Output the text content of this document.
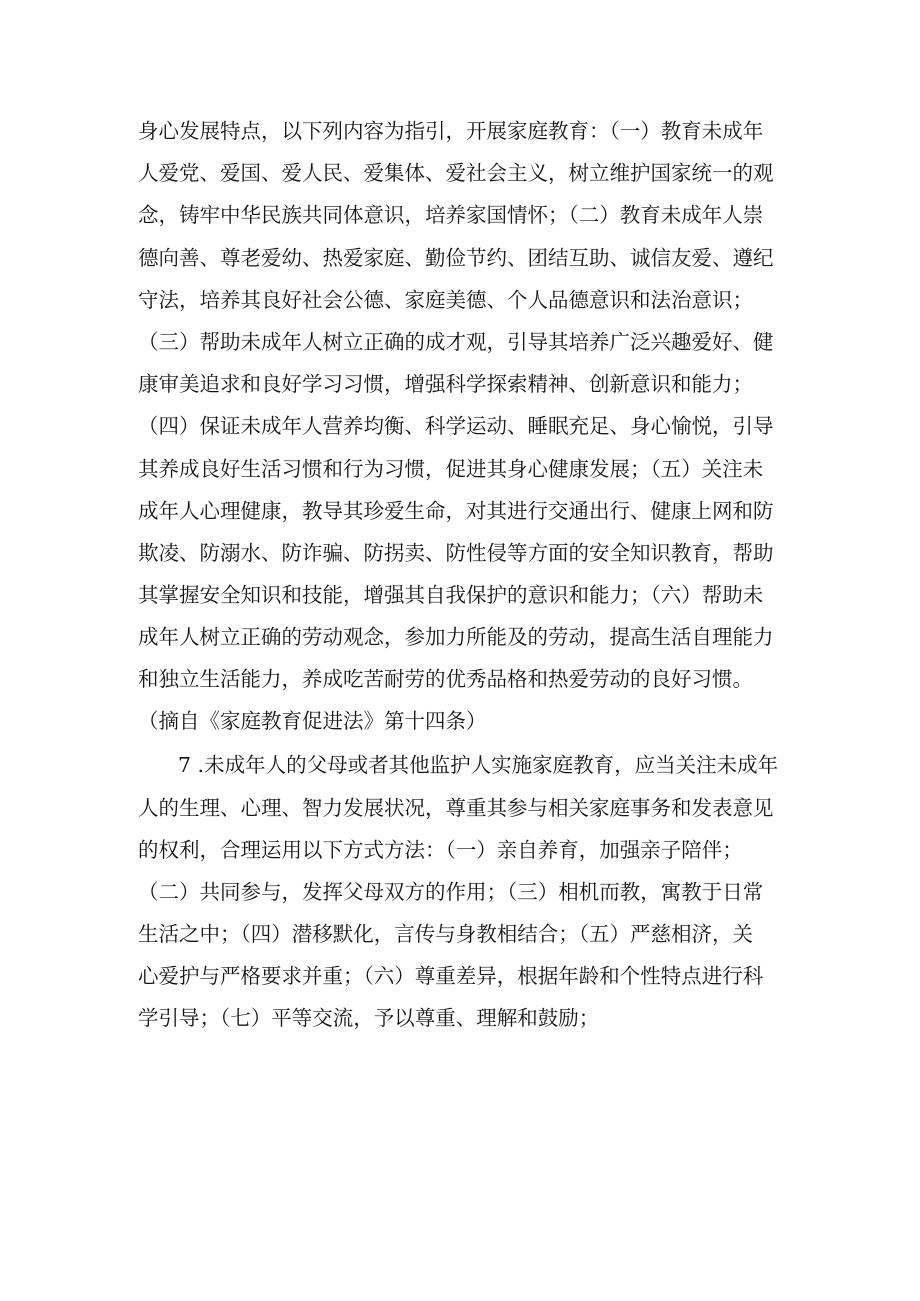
身心发展特点，以下列内容为指引，开展家庭教育：（一）教育未成年

人爱党、爱国、爱人民、爱集体、爱社会主义，树立维护国家统一的观

念，铸牢中华民族共同体意识，培养家国情怀；（二）教育未成年人崇

德向善、尊老爱幼、热爱家庭、勤俭节约、团结互助、诚信友爱、遵纪

守法，培养其良好社会公德、家庭美德、个人品德意识和法治意识；

（三）帮助未成年人树立正确的成才观，引导其培养广泛兴趣爱好、健

康审美追求和良好学习习惯，增强科学探索精神、创新意识和能力；

（四）保证未成年人营养均衡、科学运动、睡眠充足、身心愉悦，引导

其养成良好生活习惯和行为习惯，促进其身心健康发展；（五）关注未

成年人心理健康，教导其珍爱生命，对其进行交通出行、健康上网和防

欺凌、防溺水、防诈骗、防拐卖、防性侵等方面的安全知识教育，帮助

其掌握安全知识和技能，增强其自我保护的意识和能力；（六）帮助未

成年人树立正确的劳动观念，参加力所能及的劳动，提高生活自理能力

和独立生活能力，养成吃苦耐劳的优秀品格和热爱劳动的良好习惯。

（摘自《家庭教育促进法》第十四条）

7 .未成年人的父母或者其他监护人实施家庭教育，应当关注未成年

人的生理、心理、智力发展状况，尊重其参与相关家庭事务和发表意见

的权利，合理运用以下方式方法：（一）亲自养育，加强亲子陪伴；

（二）共同参与，发挥父母双方的作用；（三）相机而教，寓教于日常

生活之中；（四）潜移默化，言传与身教相结合；（五）严慈相济，关

心爱护与严格要求并重；（六）尊重差异，根据年龄和个性特点进行科

学引导；（七）平等交流，予以尊重、理解和鼓励；
